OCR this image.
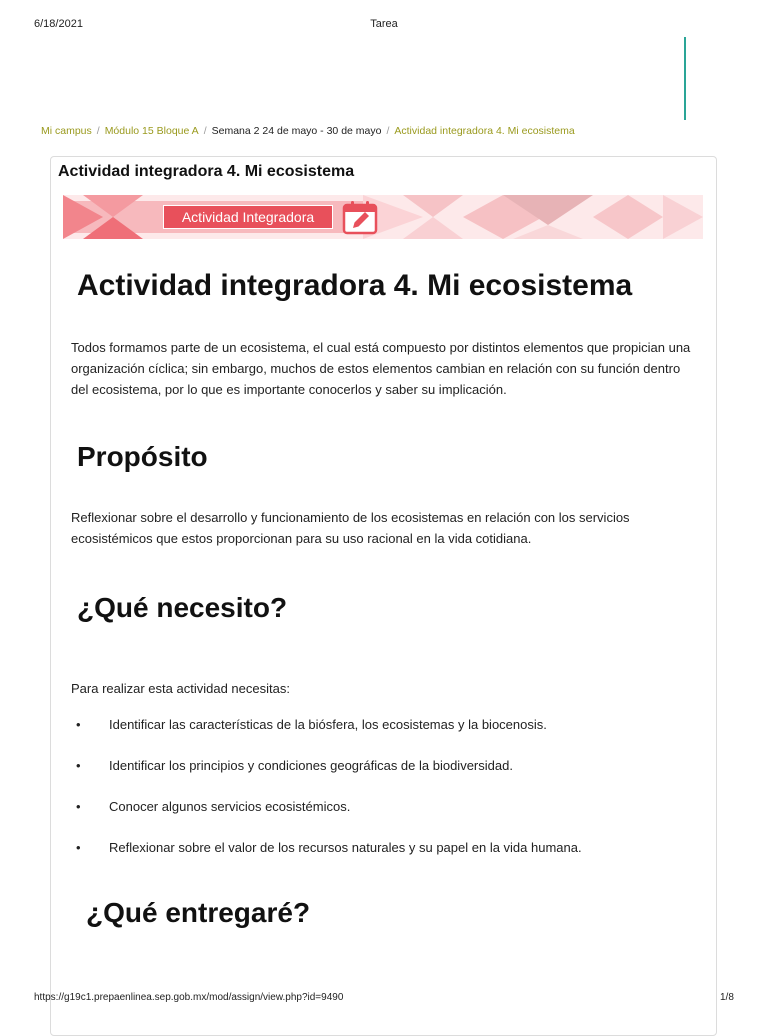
6/18/2021	Tarea
Mi campus / Módulo 15 Bloque A / Semana 2 24 de mayo - 30 de mayo / Actividad integradora 4. Mi ecosistema
Actividad integradora 4. Mi ecosistema
Actividad Integradora
Actividad integradora 4. Mi ecosistema

Todos formamos parte de un ecosistema, el cual está compuesto por distintos elementos que propician una organización cíclica; sin embargo, muchos de estos elementos cambian en relación con su función dentro del ecosistema, por lo que es importante conocerlos y saber su implicación.

Propósito

Reflexionar sobre el desarrollo y funcionamiento de los ecosistemas en relación con los servicios ecosistémicos que estos proporcionan para su uso racional en la vida cotidiana.

¿Qué necesito?

Para realizar esta actividad necesitas:

• Identificar las características de la biósfera, los ecosistemas y la biocenosis.
• Identificar los principios y condiciones geográficas de la biodiversidad.
• Conocer algunos servicios ecosistémicos.
• Reflexionar sobre el valor de los recursos naturales y su papel en la vida humana.
¿Qué entregaré?
https://g19c1.prepaenlinea.sep.gob.mx/mod/assign/view.php?id=9490	1/8
